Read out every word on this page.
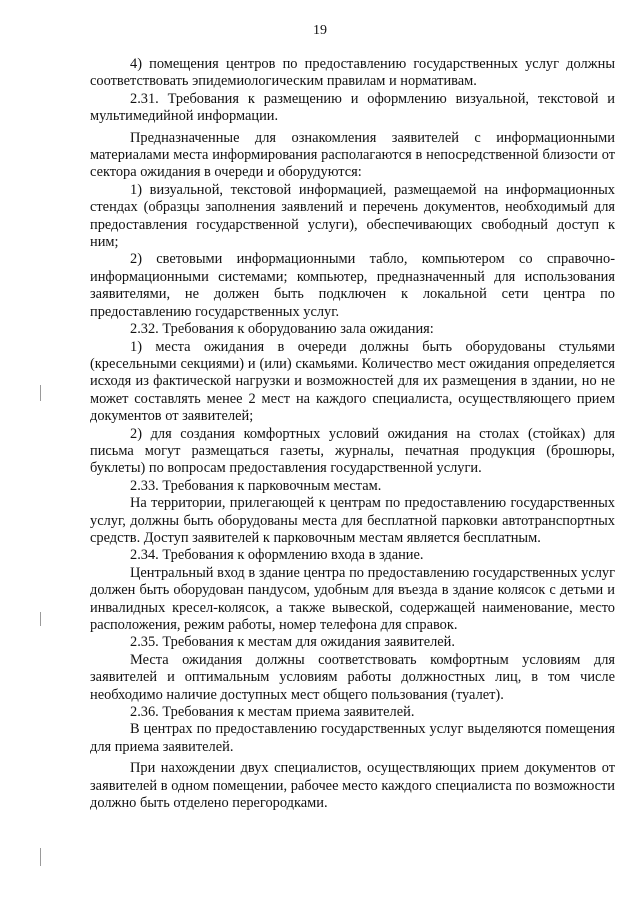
19

4) помещения центров по предоставлению государственных услуг должны соответствовать эпидемиологическим правилам и нормативам.

2.31. Требования к размещению и оформлению визуальной, текстовой и мультимедийной информации.

Предназначенные для ознакомления заявителей с информационными материалами места информирования располагаются в непосредственной близости от сектора ожидания в очереди и оборудуются:

1) визуальной, текстовой информацией, размещаемой на информационных стендах (образцы заполнения заявлений и перечень документов, необходимый для предоставления государственной услуги), обеспечивающих свободный доступ к ним;

2) световыми информационными табло, компьютером со справочно-информационными системами; компьютер, предназначенный для использования заявителями, не должен быть подключен к локальной сети центра по предоставлению государственных услуг.

2.32. Требования к оборудованию зала ожидания:

1) места ожидания в очереди должны быть оборудованы стульями (кресельными секциями) и (или) скамьями. Количество мест ожидания определяется исходя из фактической нагрузки и возможностей для их размещения в здании, но не может составлять менее 2 мест на каждого специалиста, осуществляющего прием документов от заявителей;

2) для создания комфортных условий ожидания на столах (стойках) для письма могут размещаться газеты, журналы, печатная продукция (брошюры, буклеты) по вопросам предоставления государственной услуги.

2.33. Требования к парковочным местам.

На территории, прилегающей к центрам по предоставлению государственных услуг, должны быть оборудованы места для бесплатной парковки автотранспортных средств. Доступ заявителей к парковочным местам является бесплатным.

2.34. Требования к оформлению входа в здание.

Центральный вход в здание центра по предоставлению государственных услуг должен быть оборудован пандусом, удобным для въезда в здание колясок с детьми и инвалидных кресел-колясок, а также вывеской, содержащей наименование, место расположения, режим работы, номер телефона для справок.

2.35. Требования к местам для ожидания заявителей.

Места ожидания должны соответствовать комфортным условиям для заявителей и оптимальным условиям работы должностных лиц, в том числе необходимо наличие доступных мест общего пользования (туалет).

2.36. Требования к местам приема заявителей.

В центрах по предоставлению государственных услуг выделяются помещения для приема заявителей.

При нахождении двух специалистов, осуществляющих прием документов от заявителей в одном помещении, рабочее место каждого специалиста по возможности должно быть отделено перегородками.
